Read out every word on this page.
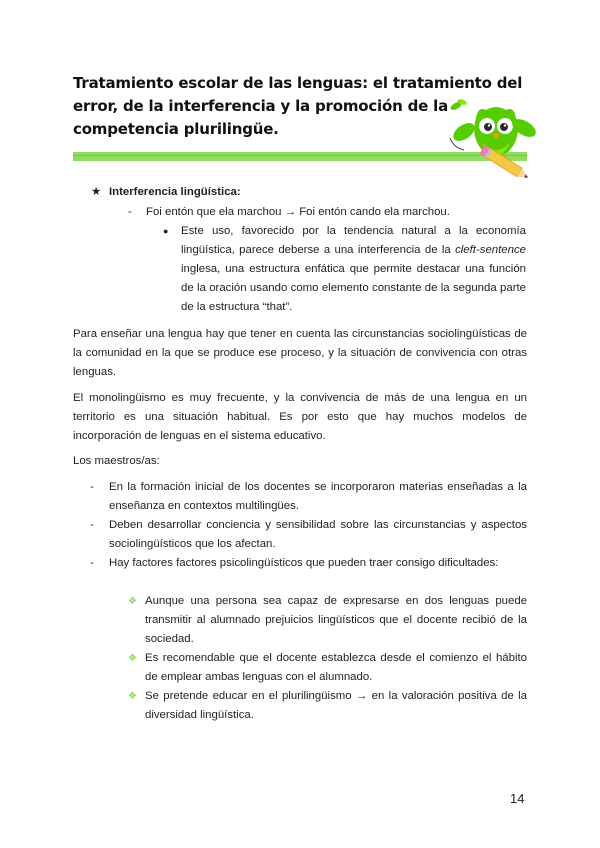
Tratamiento escolar de las lenguas: el tratamiento del
error, de la interferencia y la promoción de la
competencia plurilingüe.
★ Interferencia lingüística:
- Foi entón que ela marchou → Foi entón cando ela marchou.
● Este uso, favorecido por la tendencia natural a la economía lingüística, parece deberse a una interferencia de la cleft-sentence inglesa, una estructura enfática que permite destacar una función de la oración usando como elemento constante de la segunda parte de la estructura “that”.
Para enseñar una lengua hay que tener en cuenta las circunstancias sociolingüísticas de la comunidad en la que se produce ese proceso, y la situación de convivencia con otras lenguas.
El monolingüismo es muy frecuente, y la convivencia de más de una lengua en un territorio es una situación habitual. Es por esto que hay muchos modelos de incorporación de lenguas en el sistema educativo.
Los maestros/as:
- En la formación inicial de los docentes se incorporaron materias enseñadas a la enseñanza en contextos multilingües.
- Deben desarrollar conciencia y sensibilidad sobre las circunstancias y aspectos sociolingüísticos que los afectan.
- Hay factores factores psicolingüísticos que pueden traer consigo dificultades:
❖ Aunque una persona sea capaz de expresarse en dos lenguas puede transmitir al alumnado prejuicios lingüísticos que el docente recibió de la sociedad.
❖ Es recomendable que el docente establezca desde el comienzo el hábito de emplear ambas lenguas con el alumnado.
❖ Se pretende educar en el plurilingüismo → en la valoración positiva de la diversidad lingüística.
14
